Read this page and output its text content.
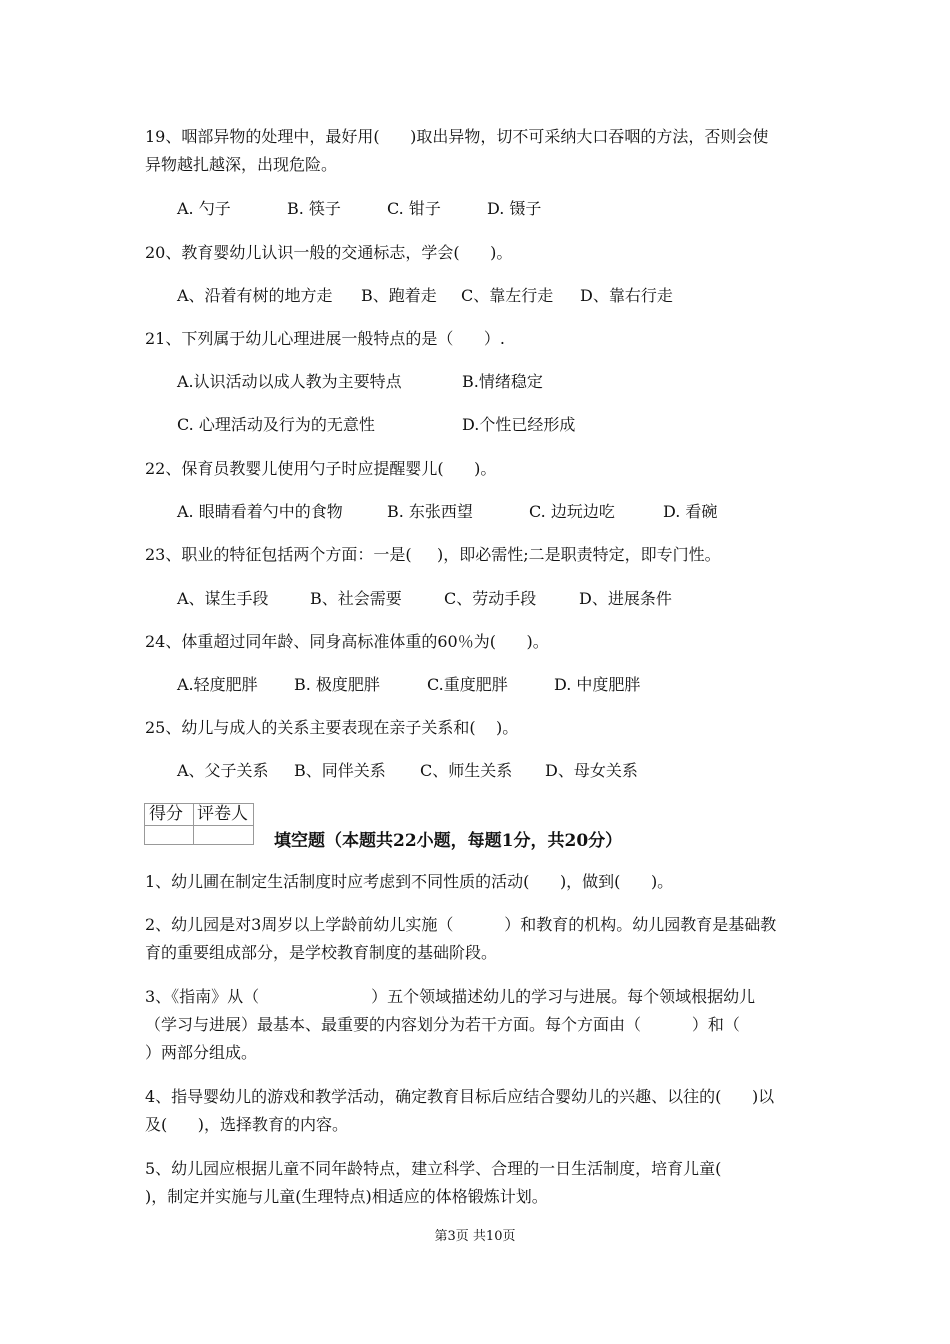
19、咽部异物的处理中，最好用(      )取出异物，切不可采纳大口吞咽的方法，否则会使
异物越扎越深，出现危险。
A. 勺子	B. 筷子	C. 钳子	D. 镊子
20、教育婴幼儿认识一般的交通标志，学会(      )。
A、沿着有树的地方走 B、跑着走 C、靠左行走 D、靠右行走
21、下列属于幼儿心理进展一般特点的是（      ）.
A.认识活动以成人教为主要特点	B.情绪稳定
C. 心理活动及行为的无意性	D.个性已经形成
22、保育员教婴儿使用勺子时应提醒婴儿(      )。
A. 眼睛看着勺中的食物	B. 东张西望	C. 边玩边吃	D. 看碗
23、职业的特征包括两个方面：一是(     )，即必需性;二是职责特定，即专门性。
A、谋生手段	B、社会需要	C、劳动手段	D、进展条件
24、体重超过同年龄、同身高标准体重的60％为(      )。
A.轻度肥胖 B. 极度肥胖	C.重度肥胖	D. 中度肥胖
25、幼儿与成人的关系主要表现在亲子关系和(    )。
A、父子关系 B、同伴关系 C、师生关系 D、母女关系
得分 评卷人
填空题（本题共22小题，每题1分，共20分）
1、幼儿圃在制定生活制度时应考虑到不同性质的活动(      )，做到(      )。
2、幼儿园是对3周岁以上学龄前幼儿实施（          ）和教育的机构。幼儿园教育是基础教
育的重要组成部分，是学校教育制度的基础阶段。
3、《指南》从（                      ）五个领域描述幼儿的学习与进展。每个领域根据幼儿
（学习与进展）最基本、最重要的内容划分为若干方面。每个方面由（          ）和（
）两部分组成。
4、指导婴幼儿的游戏和教学活动，确定教育目标后应结合婴幼儿的兴趣、以往的(      )以
及(      )，选择教育的内容。
5、幼儿园应根据儿童不同年龄特点，建立科学、合理的一日生活制度，培育儿童(
)，制定并实施与儿童(生理特点)相适应的体格锻炼计划。
第3页 共10页
